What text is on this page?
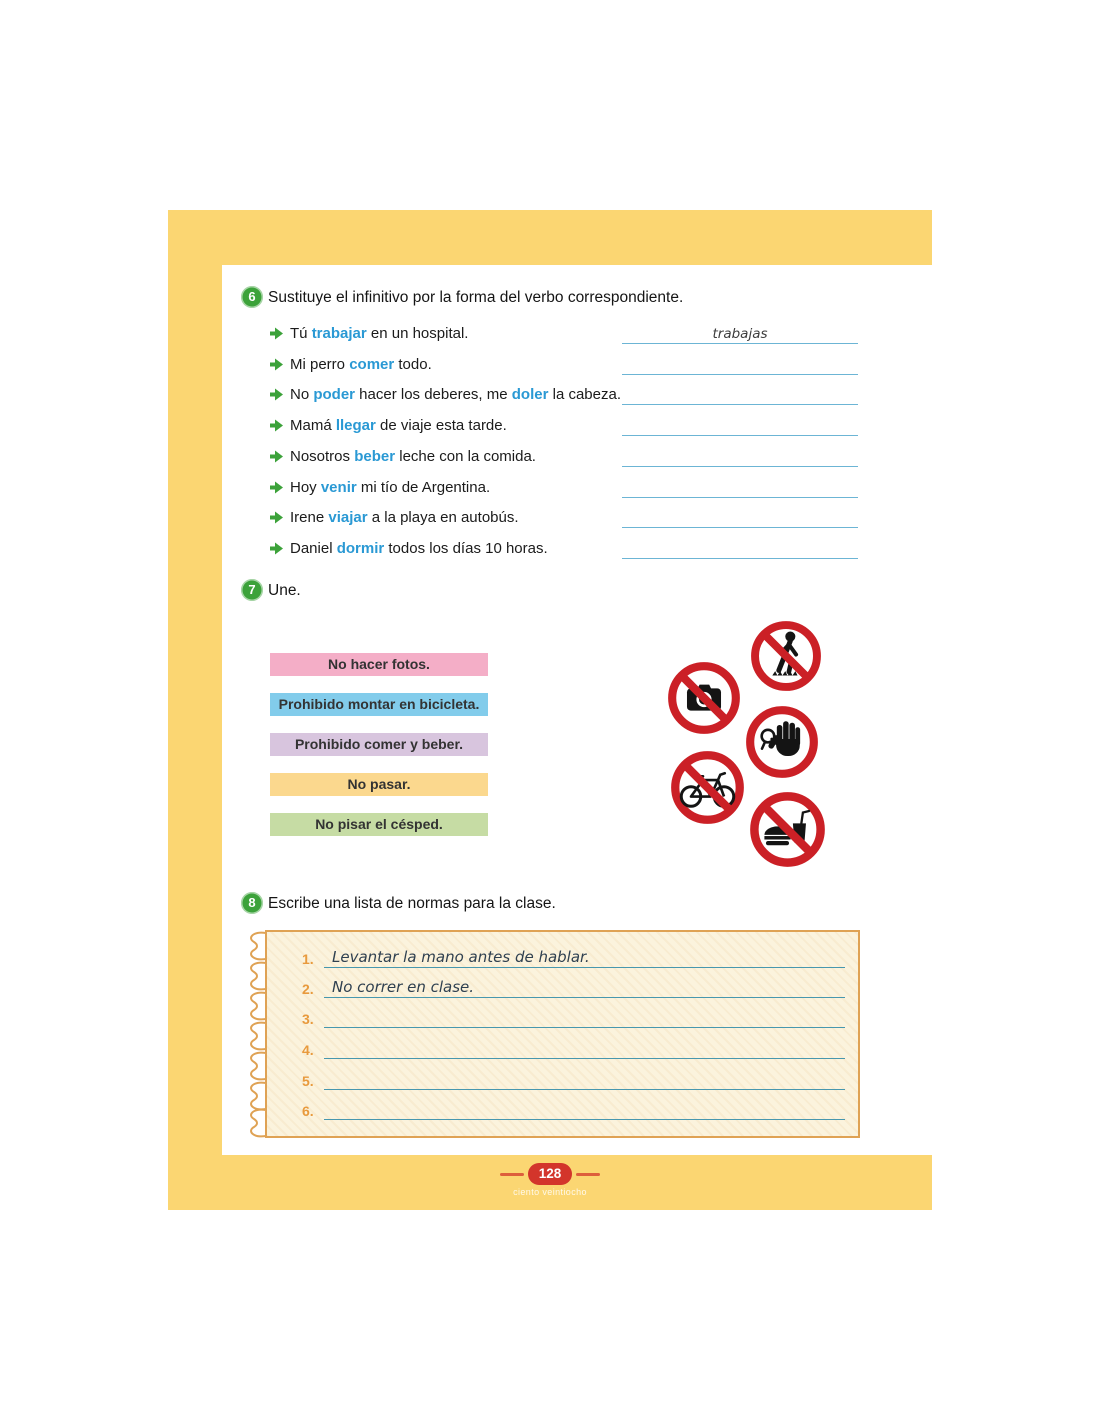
6 Sustituye el infinitivo por la forma del verbo correspondiente.
Tú trabajar en un hospital.	trabajas
Mi perro comer todo.
No poder hacer los deberes, me doler la cabeza.
Mamá llegar de viaje esta tarde.
Nosotros beber leche con la comida.
Hoy venir mi tío de Argentina.
Irene viajar a la playa en autobús.
Daniel dormir todos los días 10 horas.
7 Une.
No hacer fotos.
Prohibido montar en bicicleta.
Prohibido comer y beber.
No pasar.
No pisar el césped.
8 Escribe una lista de normas para la clase.
1.	Levantar la mano antes de hablar.
2.	No correr en clase.
3.
4.
5.
6.
128
ciento veintiocho
